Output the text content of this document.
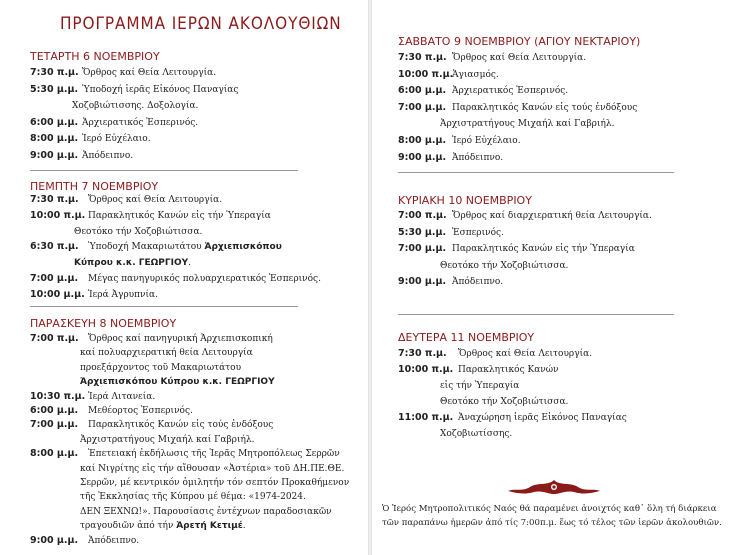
ΠΡΟΓΡΑΜΜΑ ΙΕΡΩΝ ΑΚΟΛΟΥΘΙΩΝ
ΤΕΤΑΡΤΗ 6 ΝΟΕΜΒΡΙΟΥ
7:30 π.μ. Ὄρθρος καί Θεία Λειτουργία.
5:30 μ.μ. Ὑποδοχή ἱερᾶς Εἰκόνος Παναγίας
Χοζοβιώτισσης. Δοξολογία.
6:00 μ.μ. Ἀρχιερατικός Ἑσπερινός.
8:00 μ.μ. Ἱερό Εὐχέλαιο.
9:00 μ.μ. Ἀπόδειπνο.
ΠΕΜΠΤΗ 7 ΝΟΕΜΒΡΙΟΥ
7:30 π.μ. Ὄρθρος καί Θεία Λειτουργία.
10:00 π.μ. Παρακλητικός Κανών εἰς τήν Ὑπεραγία
Θεοτόκο τήν Χοζοβιώτισσα.
6:30 π.μ. Ὑποδοχή Μακαριωτάτου Ἀρχιεπισκόπου
Κύπρου κ.κ. ΓΕΩΡΓΙΟΥ.
7:00 μ.μ. Μέγας πανηγυρικός πολυαρχιερατικός Ἑσπερινός.
10:00 μ.μ. Ἱερά Ἀγρυπνία.
ΠΑΡΑΣΚΕΥΗ 8 ΝΟΕΜΒΡΙΟΥ
7:00 π.μ. Ὄρθρος καί πανηγυρική Ἀρχιεπισκοπική
καί πολυαρχιερατική θεία Λειτουργία
προεξάρχοντος τοῦ Μακαριωτάτου
Ἀρχιεπισκόπου Κύπρου κ.κ. ΓΕΩΡΓΙΟΥ
10:30 π.μ. Ἱερά Λιτανεία.
6:00 μ.μ. Μεθέορτος Ἑσπερινός.
7:00 μ.μ. Παρακλητικός Κανών εἰς τούς ἐνδόξους
Ἀρχιστρατήγους Μιχαήλ καί Γαβριήλ.
8:00 μ.μ. Ἐπετειακή ἐκδήλωσις τῆς Ἱερᾶς Μητροπόλεως Σερρῶν
καί Νιγρίτης εἰς τήν αἴθουσαν «Ἀστέρια» τοῦ ΔΗ.ΠΕ.ΘΕ.
Σερρῶν, μέ κεντρικόν ὁμιλητήν τόν σεπτόν Προκαθήμενον
τῆς Ἐκκλησίας τῆς Κύπρου μέ θέμα: «1974-2024.
ΔΕΝ ΞΕΧΝΩ!». Παρουσίασις ἐντέχνων παραδοσιακῶν
τραγουδιῶν ἀπό τήν Ἀρετή Κετιμέ.
9:00 μ.μ. Ἀπόδειπνο.
ΣΑΒΒΑΤΟ 9 ΝΟΕΜΒΡΙΟΥ (ΑΓΙΟΥ ΝΕΚΤΑΡΙΟΥ)
7:30 π.μ. Ὄρθρος καί Θεία Λειτουργία.
10:00 π.μ.
Ἁγιασμός.
6:00 μ.μ. Ἀρχιερατικός Ἑσπερινός.
7:00 μ.μ. Παρακλητικός Κανών εἰς τούς ἐνδόξους
Ἀρχιστρατήγους Μιχαήλ καί Γαβριήλ.
8:00 μ.μ. Ἱερό Εὐχέλαιο.
9:00 μ.μ. Ἀπόδειπνο.
ΚΥΡΙΑΚΗ 10 ΝΟΕΜΒΡΙΟΥ
7:00 π.μ. Ὄρθρος καί διαρχιερατική θεία Λειτουργία.
5:30 μ.μ. Ἑσπερινός.
7:00 μ.μ. Παρακλητικός Κανών εἰς τήν Ὑπεραγία
Θεοτόκο τήν Χοζοβιώτισσα.
9:00 μ.μ. Ἀπόδειπνο.
ΔΕΥΤΕΡΑ 11 ΝΟΕΜΒΡΙΟΥ
7:30 π.μ. Ὄρθρος καί Θεία Λειτουργία.
10:00 π.μ. Παρακλητικός Κανών
εἰς τήν Ὑπεραγία
Θεοτόκο τήν Χοζοβιώτισσα.
11:00 π.μ. Ἀναχώρηση ἱερᾶς Εἰκόνος Παναγίας
Χοζοβιωτίσσης.
Ὁ Ἱερός Μητροπολιτικός Ναός θά παραμένει ἀνοιχτός καθ᾽ ὅλη τή διάρκεια
τῶν παραπάνω ἡμερῶν ἀπό τίς 7:00π.μ. ἕως τό τέλος τῶν ἱερῶν ἀκολουθιῶν.
